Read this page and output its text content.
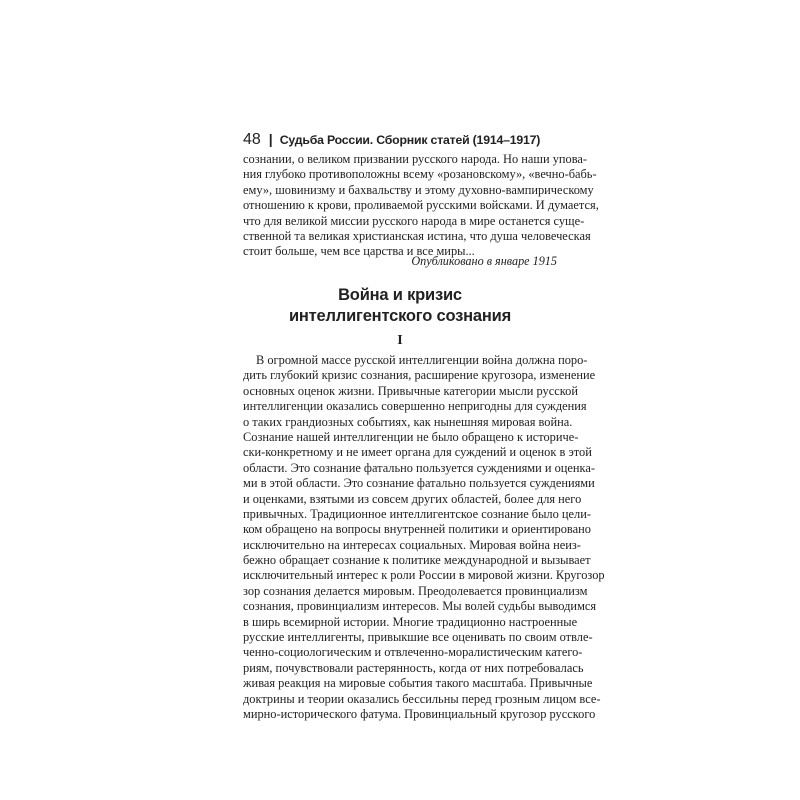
48 | Судьба России. Сборник статей (1914–1917)
сознании, о великом призвании русского народа. Но наши упова-
ния глубоко противоположны всему «розановскому», «вечно-бабь-
ему», шовинизму и бахвальству и этому духовно-вампирическому
отношению к крови, проливаемой русскими войсками. И думается,
что для великой миссии русского народа в мире останется суще-
ственной та великая христианская истина, что душа человеческая
стоит больше, чем все царства и все миры...
Опубликовано в январе 1915
Война и кризис
интеллигентского сознания
I
В огромной массе русской интеллигенции война должна поро-
дить глубокий кризис сознания, расширение кругозора, изменение
основных оценок жизни. Привычные категории мысли русской
интеллигенции оказались совершенно непригодны для суждения
о таких грандиозных событиях, как нынешняя мировая война.
Сознание нашей интеллигенции не было обращено к историче-
ски-конкретному и не имеет органа для суждений и оценок в этой
области. Это сознание фатально пользуется суждениями и оценка-
ми в этой области. Это сознание фатально пользуется суждениями
и оценками, взятыми из совсем других областей, более для него
привычных. Традиционное интеллигентское сознание было цели-
ком обращено на вопросы внутренней политики и ориентировано
исключительно на интересах социальных. Мировая война неиз-
бежно обращает сознание к политике международной и вызывает
исключительный интерес к роли России в мировой жизни. Кругозор
зор сознания делается мировым. Преодолевается провинциализм
сознания, провинциализм интересов. Мы волей судьбы выводимся
в ширь всемирной истории. Многие традиционно настроенные
русские интеллигенты, привыкшие все оценивать по своим отвле-
ченно-социологическим и отвлеченно-моралистическим катего-
риям, почувствовали растерянность, когда от них потребовалась
живая реакция на мировые события такого масштаба. Привычные
доктрины и теории оказались бессильны перед грозным лицом все-
мирно-исторического фатума. Провинциальный кругозор русского
